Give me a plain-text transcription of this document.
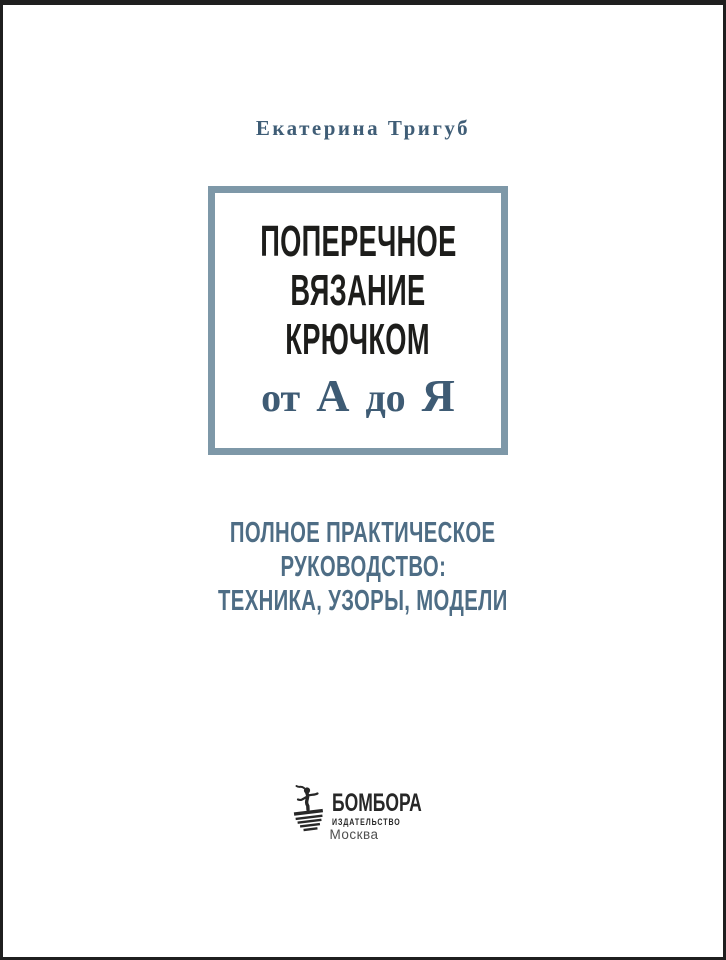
Екатерина Тригуб
ПОПЕРЕЧНОЕ
ВЯЗАНИЕ
КРЮЧКОМ
от А до Я
ПОЛНОЕ ПРАКТИЧЕСКОЕ
РУКОВОДСТВО:
ТЕХНИКА, УЗОРЫ, МОДЕЛИ
БОМБОРА
ИЗДАТЕЛЬСТВО
Москва
